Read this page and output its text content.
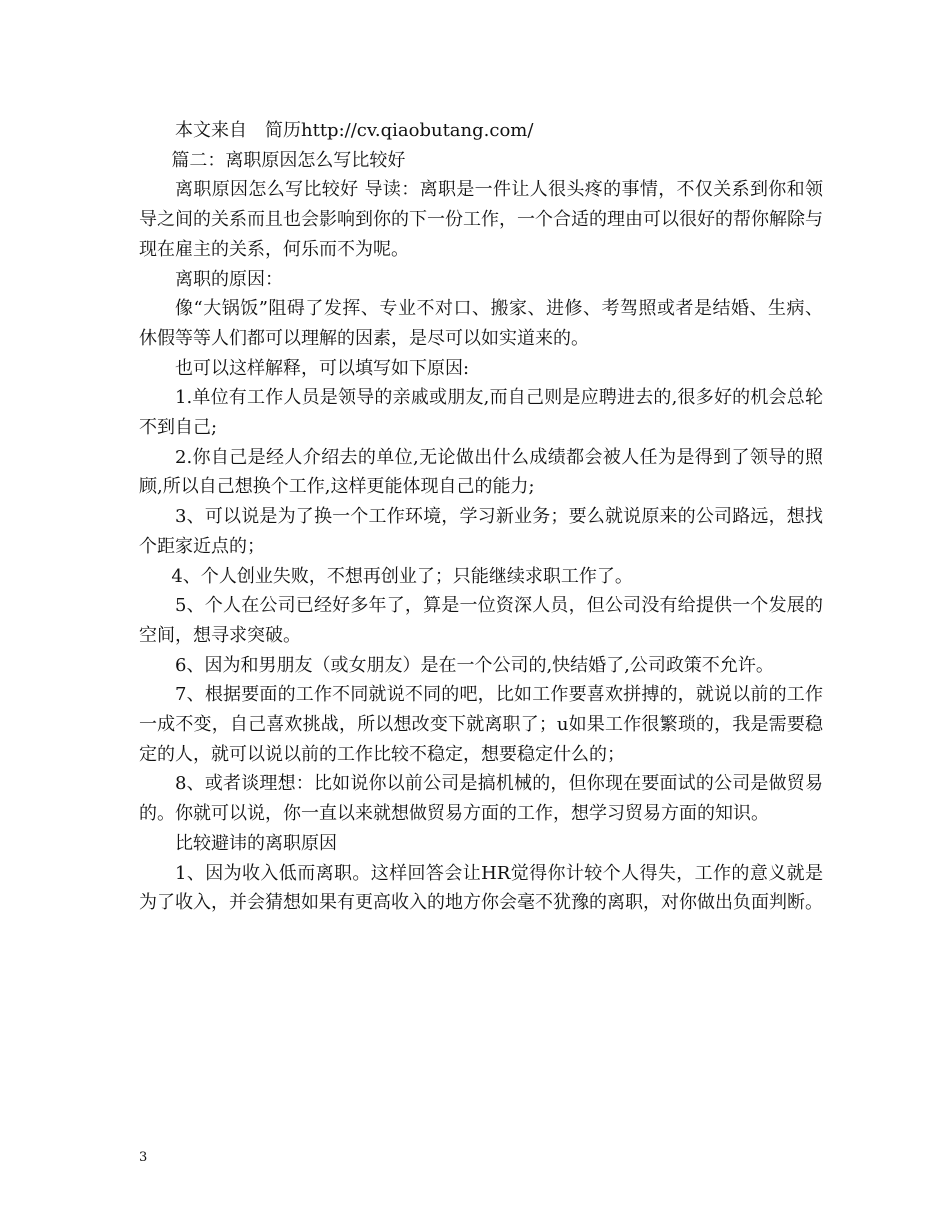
本文来自　简历http://cv.qiaobutang.com/

篇二：离职原因怎么写比较好

离职原因怎么写比较好 导读：离职是一件让人很头疼的事情，不仅关系到你和领导之间的关系而且也会影响到你的下一份工作，一个合适的理由可以很好的帮你解除与现在雇主的关系，何乐而不为呢。

离职的原因：

像“大锅饭”阻碍了发挥、专业不对口、搬家、进修、考驾照或者是结婚、生病、休假等等人们都可以理解的因素，是尽可以如实道来的。

也可以这样解释，可以填写如下原因:

1.单位有工作人员是领导的亲戚或朋友,而自己则是应聘进去的,很多好的机会总轮不到自己;

2.你自己是经人介绍去的单位,无论做出什么成绩都会被人任为是得到了领导的照顾,所以自己想换个工作,这样更能体现自己的能力;

3、可以说是为了换一个工作环境，学习新业务；要么就说原来的公司路远，想找个距家近点的；

4、个人创业失败，不想再创业了；只能继续求职工作了。

5、个人在公司已经好多年了，算是一位资深人员，但公司没有给提供一个发展的空间，想寻求突破。

6、因为和男朋友（或女朋友）是在一个公司的,快结婚了,公司政策不允许。

7、根据要面的工作不同就说不同的吧，比如工作要喜欢拼搏的，就说以前的工作一成不变，自己喜欢挑战，所以想改变下就离职了；u如果工作很繁琐的，我是需要稳定的人，就可以说以前的工作比较不稳定，想要稳定什么的；

8、或者谈理想：比如说你以前公司是搞机械的，但你现在要面试的公司是做贸易的。你就可以说，你一直以来就想做贸易方面的工作，想学习贸易方面的知识。

比较避讳的离职原因

1、因为收入低而离职。这样回答会让HR觉得你计较个人得失，工作的意义就是为了收入，并会猜想如果有更高收入的地方你会毫不犹豫的离职，对你做出负面判断。

3
